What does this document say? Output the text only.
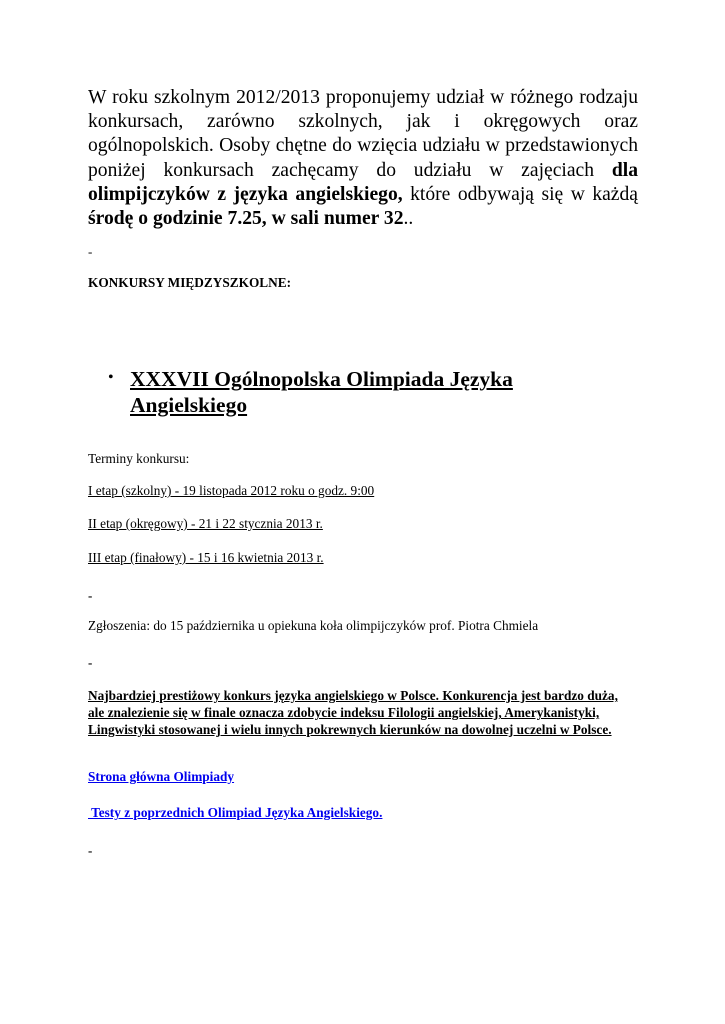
W roku szkolnym 2012/2013 proponujemy udział w różnego rodzaju konkursach, zarówno szkolnych, jak i okręgowych oraz ogólnopolskich. Osoby chętne do wzięcia udziału w przedstawionych poniżej konkursach zachęcamy do udziału w zajęciach dla olimpijczyków z języka angielskiego, które odbywają się w każdą środę o godzinie 7.25, w sali numer 32..

-
KONKURSY MIĘDZYSZKOLNE:
• XXXVII Ogólnopolska Olimpiada Języka Angielskiego

Terminy konkursu:

I etap (szkolny) - 19 listopada 2012 roku o godz. 9:00

II etap (okręgowy) - 21 i 22 stycznia 2013 r.

III etap (finałowy) - 15 i 16 kwietnia 2013 r.

-

Zgłoszenia: do 15 października u opiekuna koła olimpijczyków prof. Piotra Chmiela

-

Najbardziej prestiżowy konkurs języka angielskiego w Polsce. Konkurencja jest bardzo duża, ale znalezienie się w finale oznacza zdobycie indeksu Filologii angielskiej, Amerykanistyki, Lingwistyki stosowanej i wielu innych pokrewnych kierunków na dowolnej uczelni w Polsce.

Strona główna Olimpiady
Testy z poprzednich Olimpiad Języka Angielskiego.
-
